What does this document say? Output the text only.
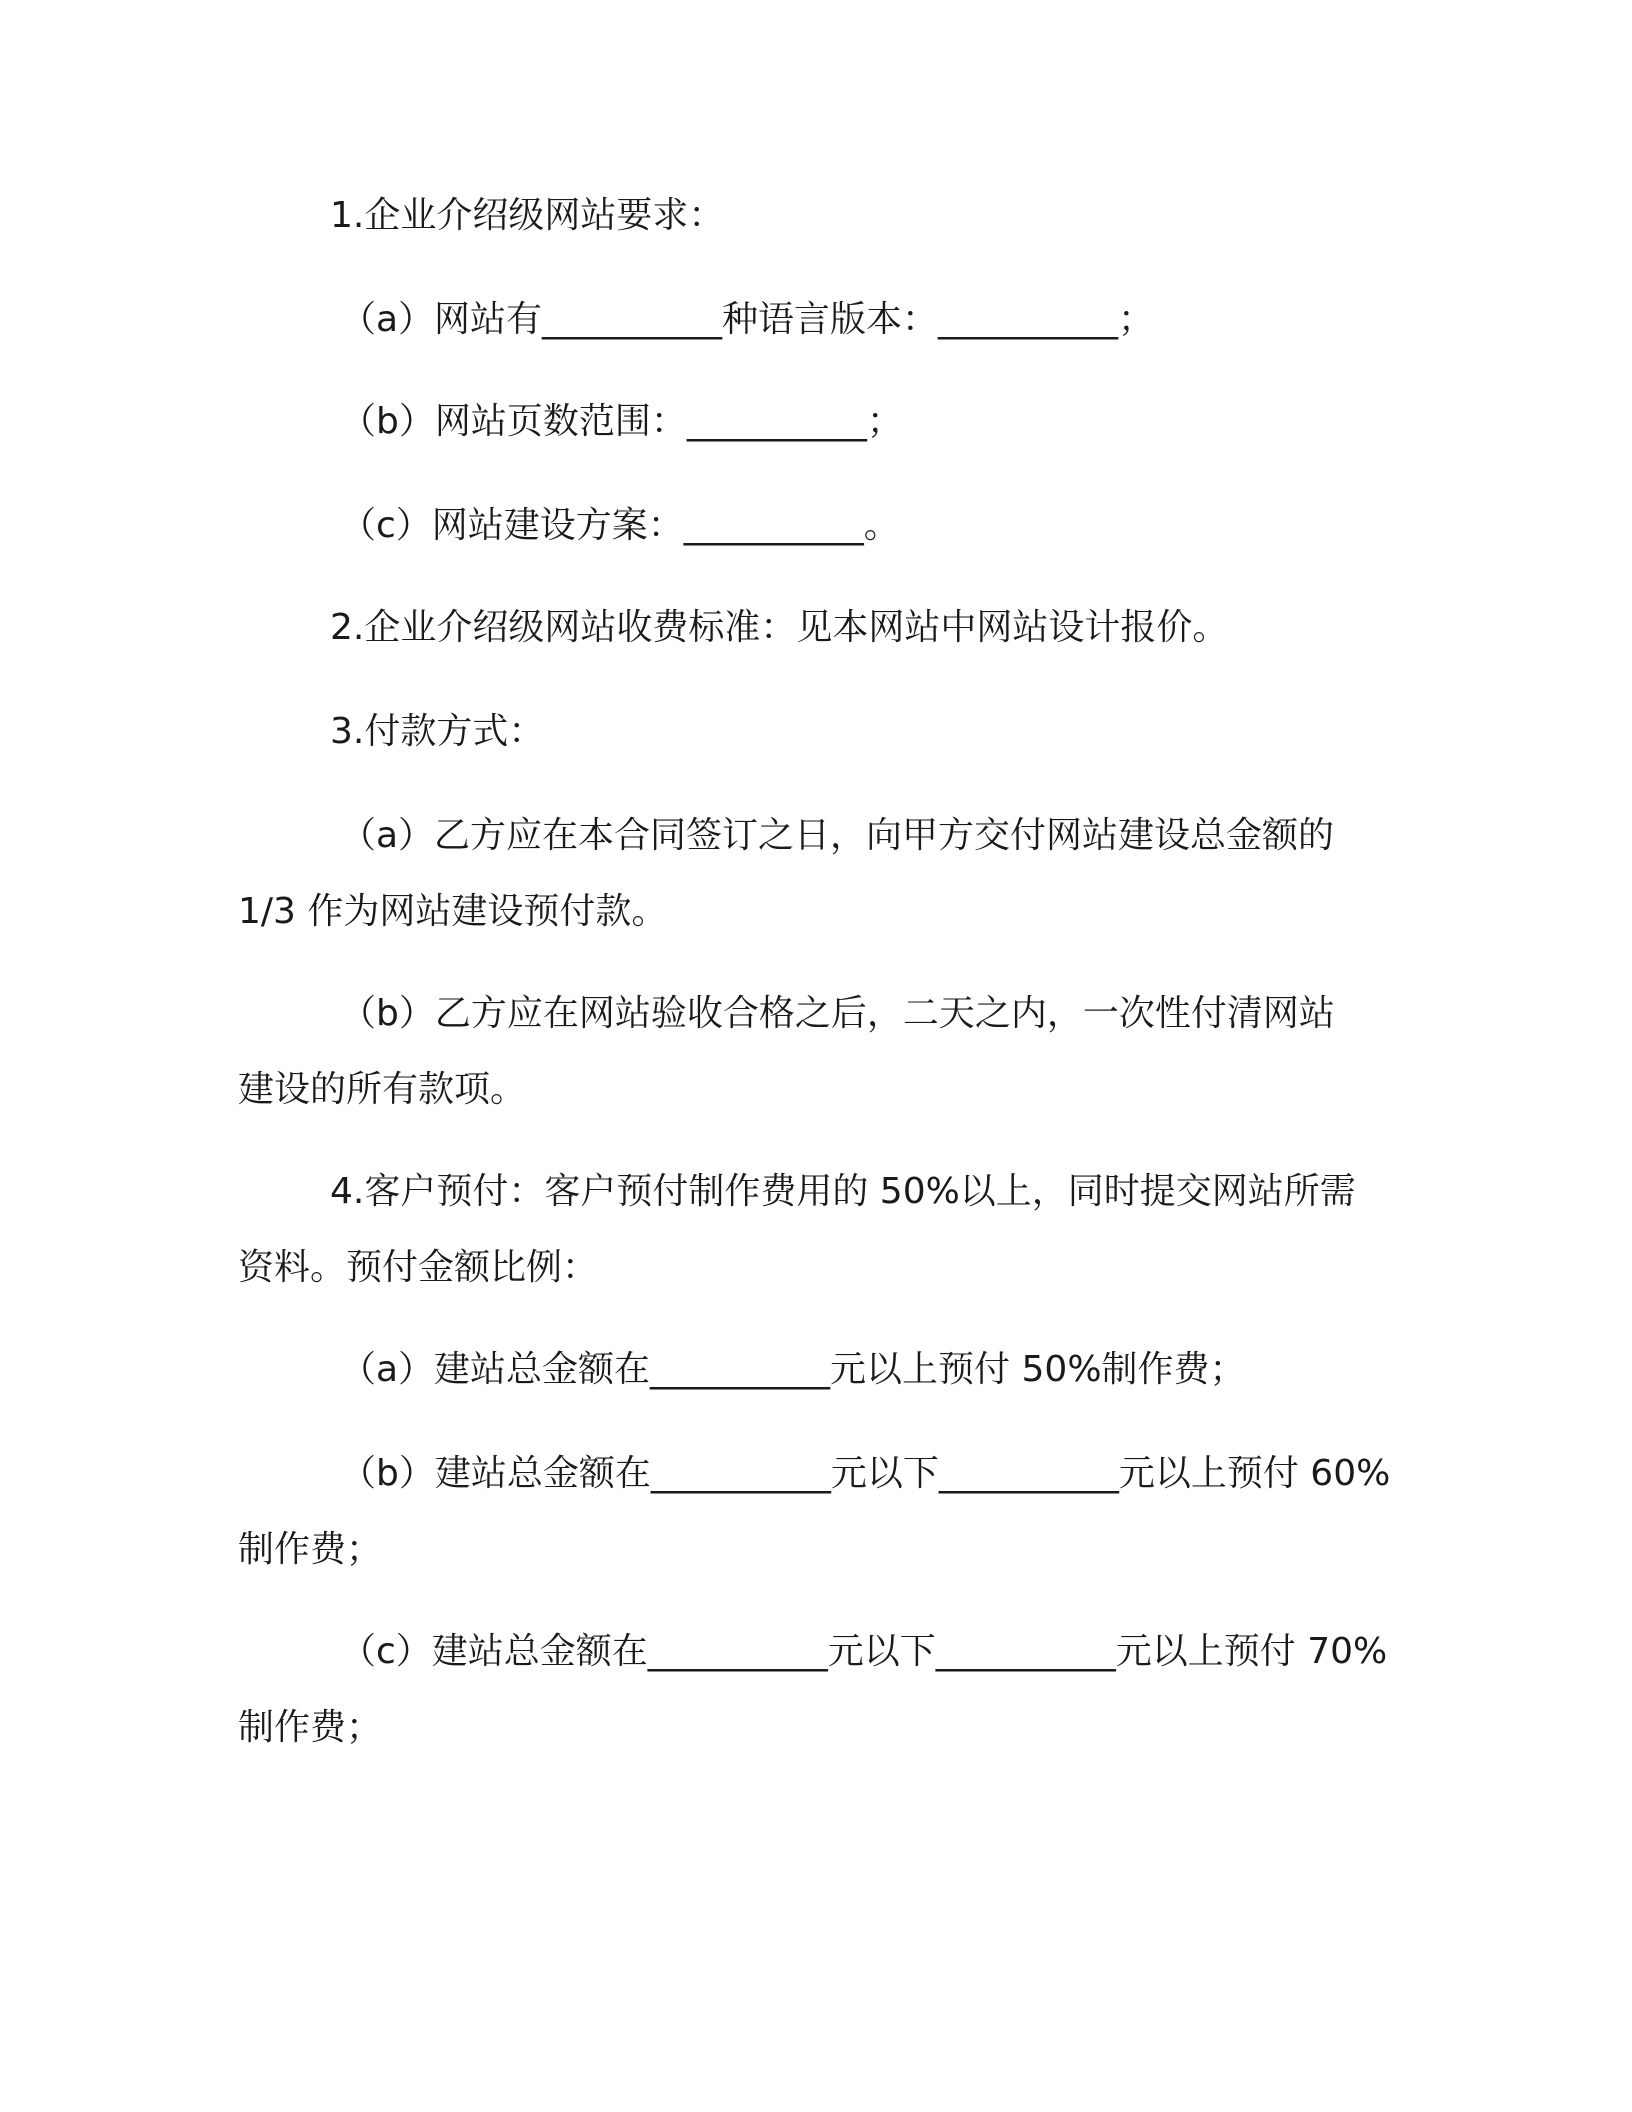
1.企业介绍级网站要求：
（a）网站有__________种语言版本：__________；
（b）网站页数范围：__________；
（c）网站建设方案：__________。
2.企业介绍级网站收费标准：见本网站中网站设计报价。
3.付款方式：
（a）乙方应在本合同签订之日，向甲方交付网站建设总金额的
1/3 作为网站建设预付款。
（b）乙方应在网站验收合格之后，二天之内，一次性付清网站
建设的所有款项。
4.客户预付：客户预付制作费用的 50%以上，同时提交网站所需
资料。预付金额比例：
（a）建站总金额在__________元以上预付 50%制作费；
（b）建站总金额在__________元以下__________元以上预付 60%
制作费；
（c）建站总金额在__________元以下__________元以上预付 70%
制作费；
